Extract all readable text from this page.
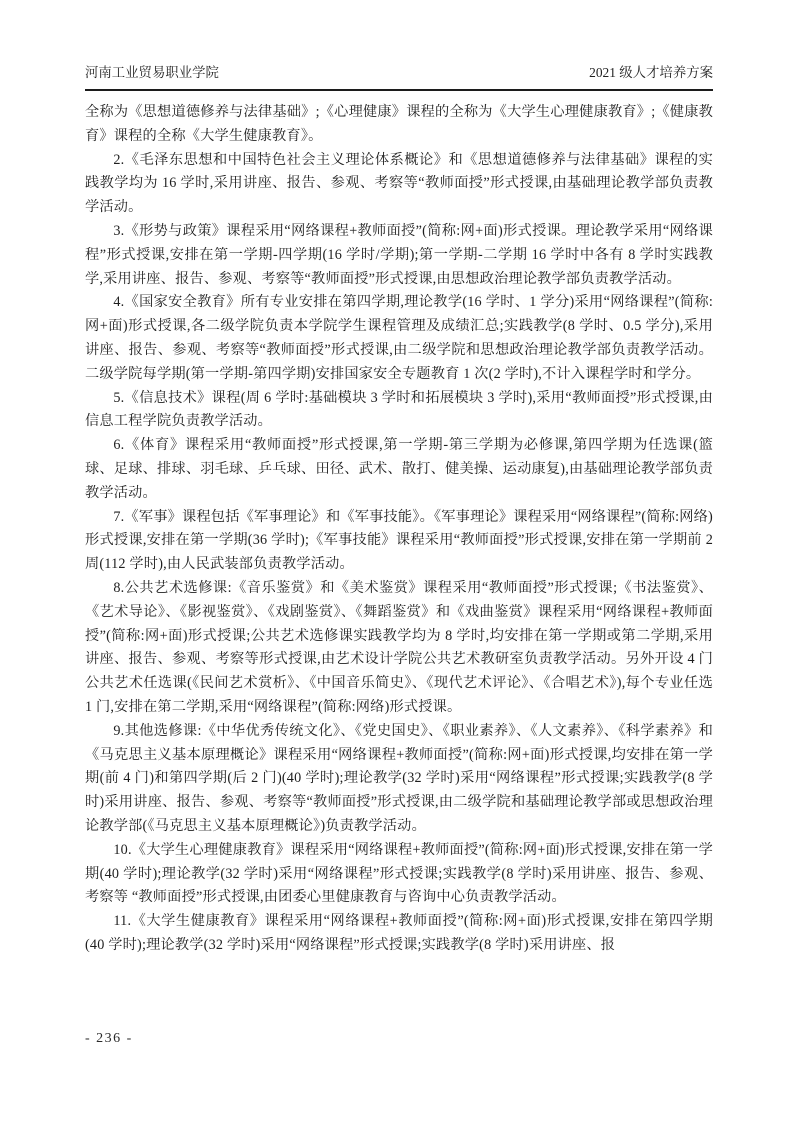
河南工业贸易职业学院	2021 级人才培养方案

全称为《思想道德修养与法律基础》;《心理健康》课程的全称为《大学生心理健康教育》;《健康教育》课程的全称《大学生健康教育》。

2.《毛泽东思想和中国特色社会主义理论体系概论》和《思想道德修养与法律基础》课程的实践教学均为 16 学时,采用讲座、报告、参观、考察等“教师面授”形式授课,由基础理论教学部负责教学活动。

3.《形势与政策》课程采用“网络课程+教师面授”(简称:网+面)形式授课。理论教学采用“网络课程”形式授课,安排在第一学期-四学期(16 学时/学期);第一学期-二学期 16 学时中各有 8 学时实践教学,采用讲座、报告、参观、考察等“教师面授”形式授课,由思想政治理论教学部负责教学活动。

4.《国家安全教育》所有专业安排在第四学期,理论教学(16 学时、1 学分)采用“网络课程”(简称:网+面)形式授课,各二级学院负责本学院学生课程管理及成绩汇总;实践教学(8 学时、0.5 学分),采用讲座、报告、参观、考察等“教师面授”形式授课,由二级学院和思想政治理论教学部负责教学活动。二级学院每学期(第一学期-第四学期)安排国家安全专题教育 1 次(2 学时),不计入课程学时和学分。

5.《信息技术》课程(周 6 学时:基础模块 3 学时和拓展模块 3 学时),采用“教师面授”形式授课,由信息工程学院负责教学活动。

6.《体育》课程采用“教师面授”形式授课,第一学期-第三学期为必修课,第四学期为任选课(篮球、足球、排球、羽毛球、乒乓球、田径、武术、散打、健美操、运动康复),由基础理论教学部负责教学活动。

7.《军事》课程包括《军事理论》和《军事技能》。《军事理论》课程采用“网络课程”(简称:网络)形式授课,安排在第一学期(36 学时);《军事技能》课程采用“教师面授”形式授课,安排在第一学期前 2 周(112 学时),由人民武装部负责教学活动。

8.公共艺术选修课:《音乐鉴赏》和《美术鉴赏》课程采用“教师面授”形式授课;《书法鉴赏》、《艺术导论》、《影视鉴赏》、《戏剧鉴赏》、《舞蹈鉴赏》和《戏曲鉴赏》课程采用“网络课程+教师面授”(简称:网+面)形式授课;公共艺术选修课实践教学均为 8 学时,均安排在第一学期或第二学期,采用讲座、报告、参观、考察等形式授课,由艺术设计学院公共艺术教研室负责教学活动。另外开设 4 门公共艺术任选课(《民间艺术赏析》、《中国音乐简史》、《现代艺术评论》、《合唱艺术》),每个专业任选 1 门,安排在第二学期,采用“网络课程”(简称:网络)形式授课。

9.其他选修课:《中华优秀传统文化》、《党史国史》、《职业素养》、《人文素养》、《科学素养》和《马克思主义基本原理概论》课程采用“网络课程+教师面授”(简称:网+面)形式授课,均安排在第一学期(前 4 门)和第四学期(后 2 门)(40 学时);理论教学(32 学时)采用“网络课程”形式授课;实践教学(8 学时)采用讲座、报告、参观、考察等“教师面授”形式授课,由二级学院和基础理论教学部或思想政治理论教学部(《马克思主义基本原理概论》)负责教学活动。

10.《大学生心理健康教育》课程采用“网络课程+教师面授”(简称:网+面)形式授课,安排在第一学期(40 学时);理论教学(32 学时)采用“网络课程”形式授课;实践教学(8 学时)采用讲座、报告、参观、考察等 “教师面授”形式授课,由团委心里健康教育与咨询中心负责教学活动。

11.《大学生健康教育》课程采用“网络课程+教师面授”(简称:网+面)形式授课,安排在第四学期(40 学时);理论教学(32 学时)采用“网络课程”形式授课;实践教学(8 学时)采用讲座、报

- 236 -
